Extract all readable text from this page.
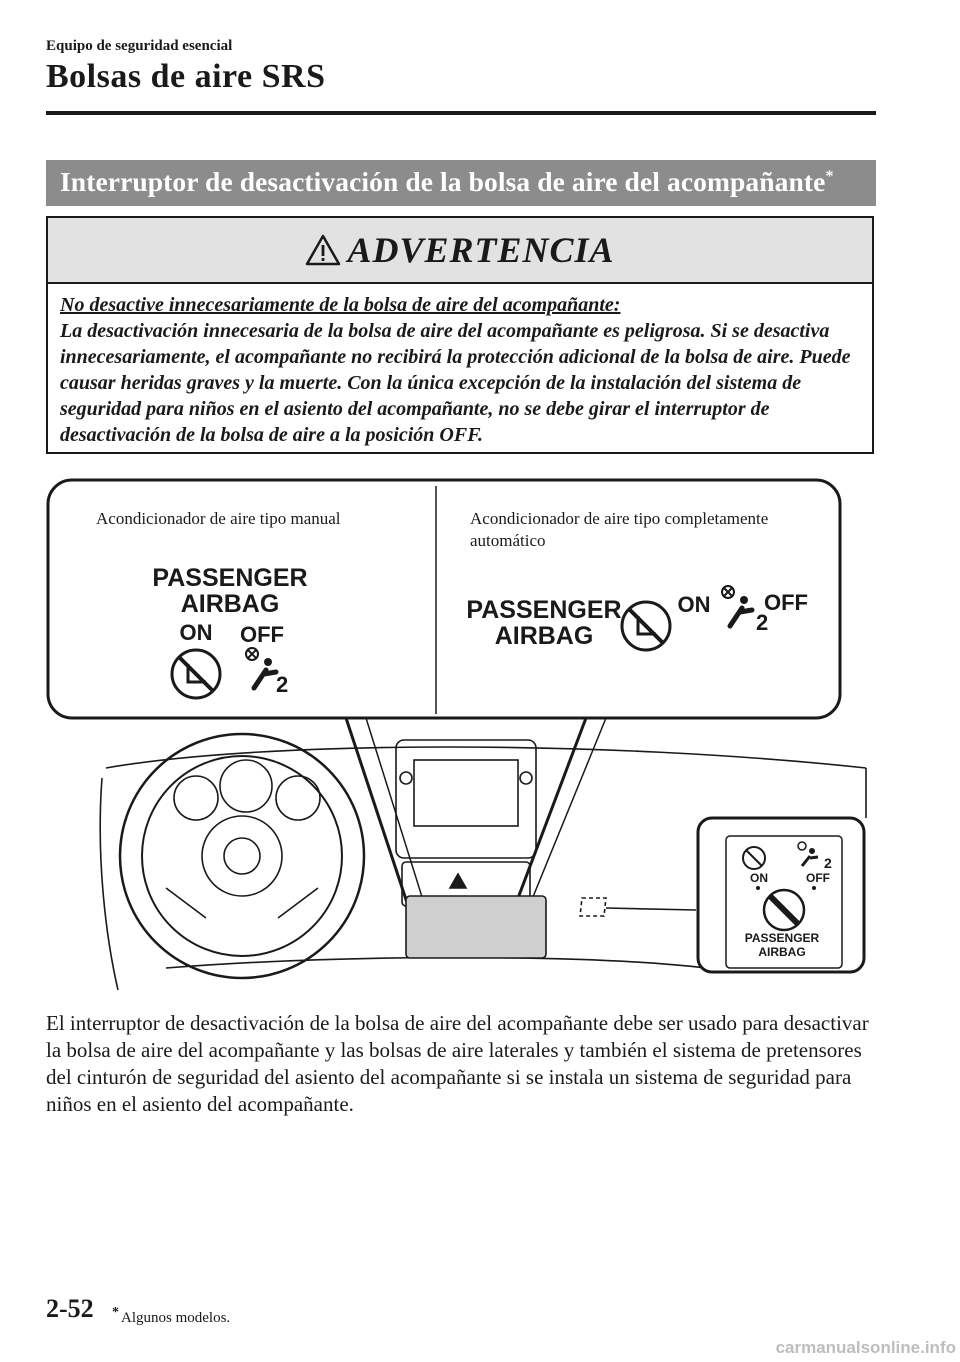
Equipo de seguridad esencial
Bolsas de aire SRS
Interruptor de desactivación de la bolsa de aire del acompañante*
ADVERTENCIA
No desactive innecesariamente de la bolsa de aire del acompañante:
La desactivación innecesaria de la bolsa de aire del acompañante es peligrosa. Si se desactiva innecesariamente, el acompañante no recibirá la protección adicional de la bolsa de aire. Puede causar heridas graves y la muerte. Con la única excepción de la instalación del sistema de seguridad para niños en el asiento del acompañante, no se debe girar el interruptor de desactivación de la bolsa de aire a la posición OFF.
Acondicionador de aire tipo manual	Acondicionador de aire tipo completamente
automático
PASSENGER
AIRBAG
ON OFF
2
PASSENGER
AIRBAG
ON
2
OFF
2
ON	OFF
PASSENGER
AIRBAG
El interruptor de desactivación de la bolsa de aire del acompañante debe ser usado para desactivar la bolsa de aire del acompañante y las bolsas de aire laterales y también el sistema de pretensores del cinturón de seguridad del asiento del acompañante si se instala un sistema de seguridad para niños en el asiento del acompañante.
2-52 * Algunos modelos.
carmanualsonline.info
